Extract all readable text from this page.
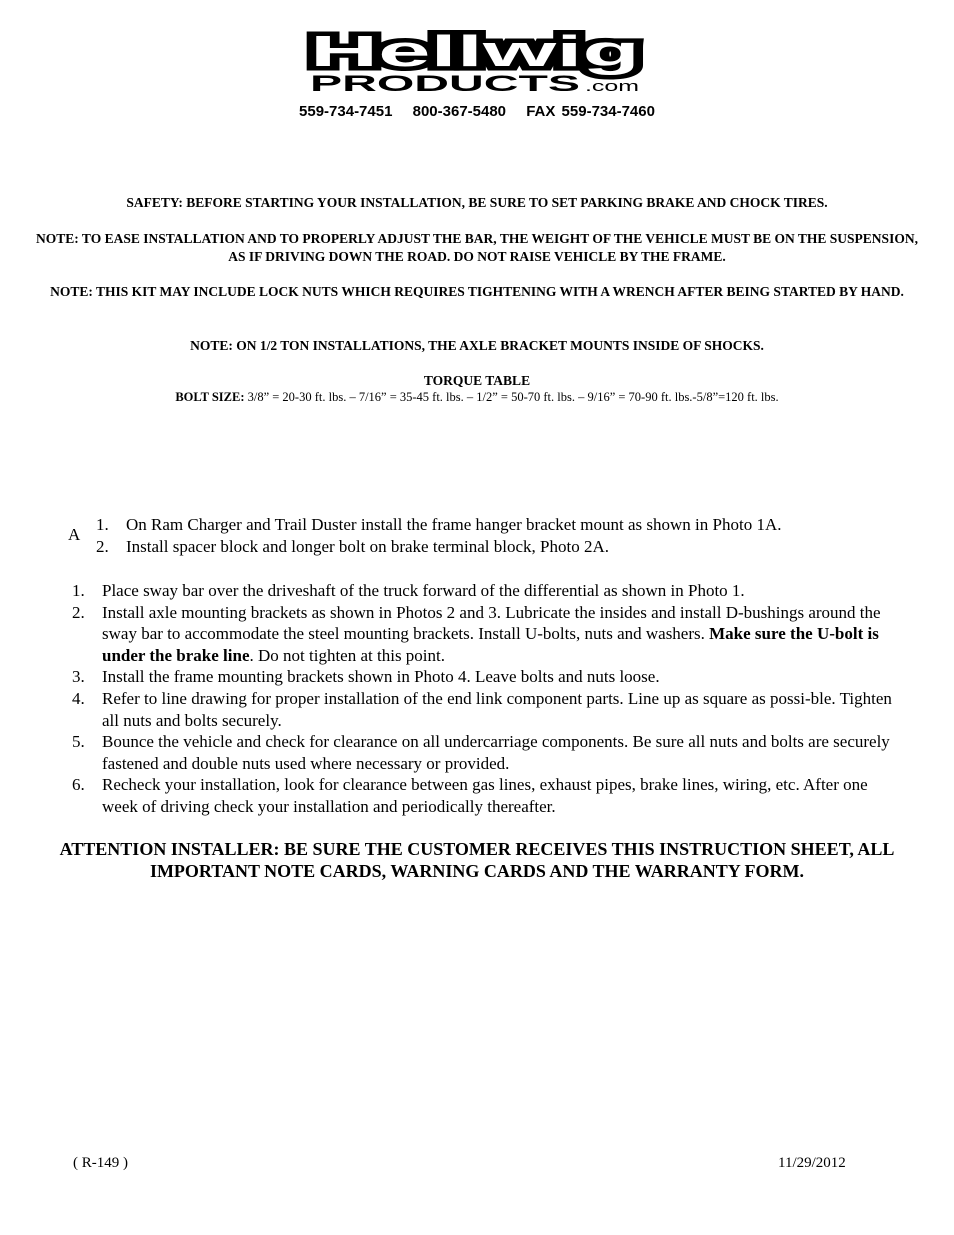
Hellwig
PRODUCTS .com
559-734-7451 800-367-5480 FAX 559-734-7460
SAFETY: BEFORE STARTING YOUR INSTALLATION, BE SURE TO SET PARKING BRAKE AND CHOCK TIRES.
NOTE: TO EASE INSTALLATION AND TO PROPERLY ADJUST THE BAR, THE WEIGHT OF THE VEHICLE MUST BE ON THE SUSPENSION, AS IF DRIVING DOWN THE ROAD. DO NOT RAISE VEHICLE BY THE FRAME.
NOTE: THIS KIT MAY INCLUDE LOCK NUTS WHICH REQUIRES TIGHTENING WITH A WRENCH AFTER BEING STARTED BY HAND.
NOTE: ON 1/2 TON INSTALLATIONS, THE AXLE BRACKET MOUNTS INSIDE OF SHOCKS.
TORQUE TABLE
BOLT SIZE: 3/8” = 20-30 ft. lbs. – 7/16” = 35-45 ft. lbs. – 1/2” = 50-70 ft. lbs. – 9/16” = 70-90 ft. lbs.-5/8”=120 ft. lbs.
A
1.	On Ram Charger and Trail Duster install the frame hanger bracket mount as shown in Photo 1A.
2.	Install spacer block and longer bolt on brake terminal block, Photo 2A.
1.	Place sway bar over the driveshaft of the truck forward of the differential as shown in Photo 1.
2.	Install axle mounting brackets as shown in Photos 2 and 3. Lubricate the insides and install D-bushings around the sway bar to accommodate the steel mounting brackets. Install U-bolts, nuts and washers. Make sure the U-bolt is under the brake line. Do not tighten at this point.
3.	Install the frame mounting brackets shown in Photo 4. Leave bolts and nuts loose.
4.	Refer to line drawing for proper installation of the end link component parts. Line up as square as possi-ble. Tighten all nuts and bolts securely.
5.	Bounce the vehicle and check for clearance on all undercarriage components. Be sure all nuts and bolts are securely fastened and double nuts used where necessary or provided.
6.	Recheck your installation, look for clearance between gas lines, exhaust pipes, brake lines, wiring, etc. After one week of driving check your installation and periodically thereafter.
ATTENTION INSTALLER: BE SURE THE CUSTOMER RECEIVES THIS INSTRUCTION SHEET, ALL IMPORTANT NOTE CARDS, WARNING CARDS AND THE WARRANTY FORM.
( R-149 )	11/29/2012
